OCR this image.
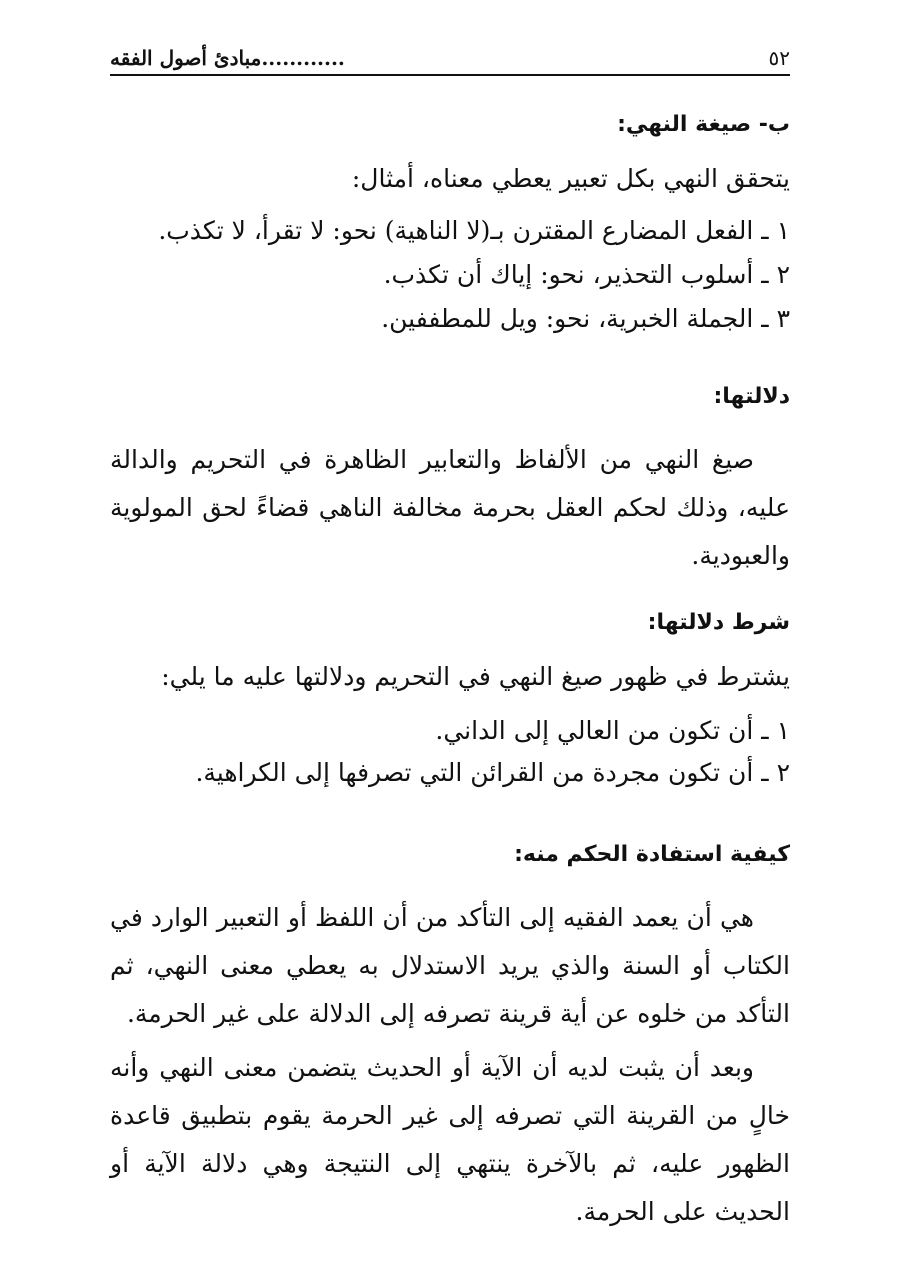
٥٢
............مبادئ أصول الفقه
ب- صيغة النهي:
يتحقق النهي بكل تعبير يعطي معناه، أمثال:
١ ـ الفعل المضارع المقترن بـ(لا الناهية) نحو: لا تقرأ، لا تكذب.
٢ ـ أسلوب التحذير، نحو: إياك أن تكذب.
٣ ـ الجملة الخبرية، نحو: ويل للمطففين.
دلالتها:

صيغ النهي من الألفاظ والتعابير الظاهرة في التحريم والدالة عليه، وذلك لحكم العقل بحرمة مخالفة الناهي قضاءً لحق المولوية والعبودية.

شرط دلالتها:
يشترط في ظهور صيغ النهي في التحريم ودلالتها عليه ما يلي:
١ ـ أن تكون من العالي إلى الداني.
٢ ـ أن تكون مجردة من القرائن التي تصرفها إلى الكراهية.
كيفية استفادة الحكم منه:

هي أن يعمد الفقيه إلى التأكد من أن اللفظ أو التعبير الوارد في الكتاب أو السنة والذي يريد الاستدلال به يعطي معنى النهي، ثم التأكد من خلوه عن أية قرينة تصرفه إلى الدلالة على غير الحرمة.

وبعد أن يثبت لديه أن الآية أو الحديث يتضمن معنى النهي وأنه خالٍ من القرينة التي تصرفه إلى غير الحرمة يقوم بتطبيق قاعدة الظهور عليه، ثم بالآخرة ينتهي إلى النتيجة وهي دلالة الآية أو الحديث على الحرمة.
